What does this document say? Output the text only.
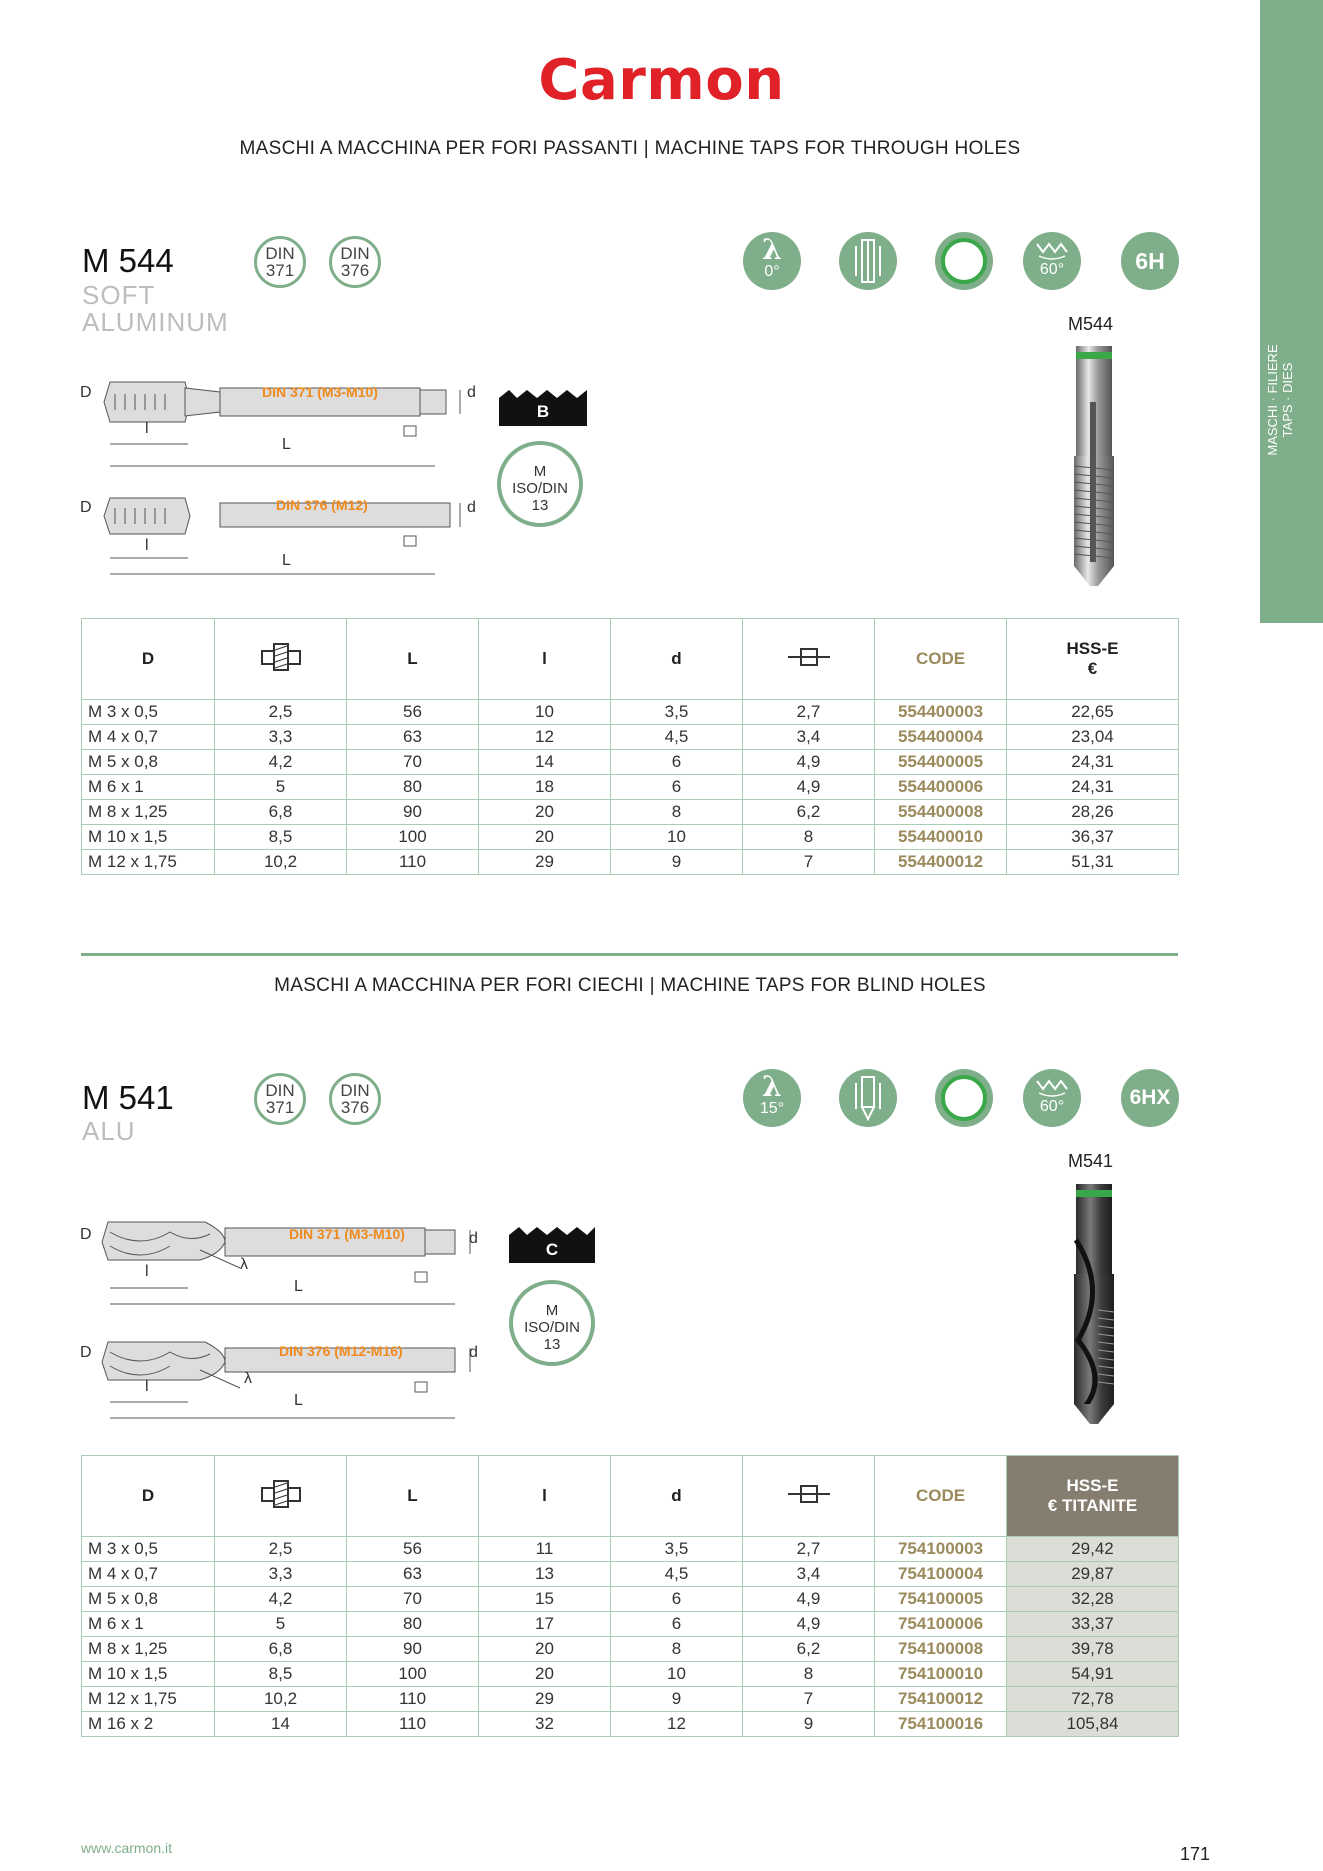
Carmon
MASCHI · FILIERE TAPS · DIES
MASCHI A MACCHINA PER FORI PASSANTI | MACHINE TAPS FOR THROUGH HOLES
M 544
SOFT
ALUMINUM
DIN
371
DIN
376
λ
0°	60°	6H
M544
D
l
L
d
DIN 371 (M3-M10)
D
l
L
d
DIN 376 (M12)
B
M
ISO/DIN
13
D		L	l	d		CODE	HSS-E
€

M 3 x 0,5	2,5	56	10	3,5	2,7	554400003	22,65
M 4 x 0,7	3,3	63	12	4,5	3,4	554400004	23,04
M 5 x 0,8	4,2	70	14	6	4,9	554400005	24,31
M 6 x 1	5	80	18	6	4,9	554400006	24,31
M 8 x 1,25	6,8	90	20	8	6,2	554400008	28,26
M 10 x 1,5	8,5	100	20	10	8	554400010	36,37
M 12 x 1,75	10,2	110	29	9	7	554400012	51,31
MASCHI A MACCHINA PER FORI CIECHI | MACHINE TAPS FOR BLIND HOLES
M 541
ALU
DIN
371
DIN
376
λ
15°	60°	6HX
M541
D
l
L
d
λ
DIN 371 (M3-M10)
D
l
L
d
λ
DIN 376 (M12-M16)
C
M
ISO/DIN
13
D		L	l	d		CODE	HSS-E
€ TITANITE

M 3 x 0,5	2,5	56	11	3,5	2,7	754100003	29,42
M 4 x 0,7	3,3	63	13	4,5	3,4	754100004	29,87
M 5 x 0,8	4,2	70	15	6	4,9	754100005	32,28
M 6 x 1	5	80	17	6	4,9	754100006	33,37
M 8 x 1,25	6,8	90	20	8	6,2	754100008	39,78
M 10 x 1,5	8,5	100	20	10	8	754100010	54,91
M 12 x 1,75	10,2	110	29	9	7	754100012	72,78
M 16 x 2	14	110	32	12	9	754100016	105,84
www.carmon.it	171
